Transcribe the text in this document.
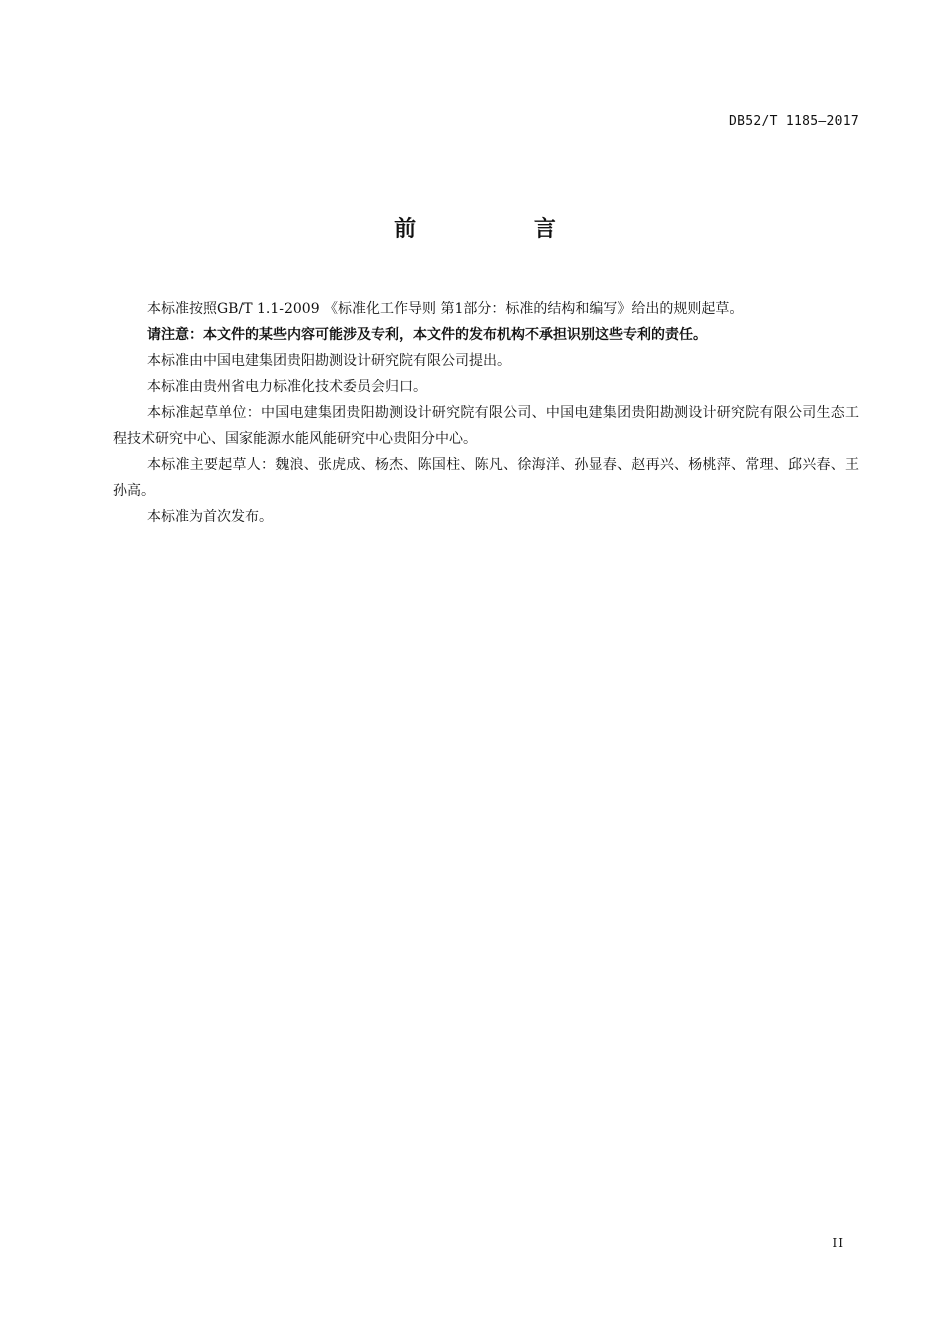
DB52/T 1185—2017
前 言

本标准按照GB/T 1.1-2009 《标准化工作导则 第1部分：标准的结构和编写》给出的规则起草。

请注意：本文件的某些内容可能涉及专利，本文件的发布机构不承担识别这些专利的责任。

本标准由中国电建集团贵阳勘测设计研究院有限公司提出。

本标准由贵州省电力标准化技术委员会归口。

本标准起草单位：中国电建集团贵阳勘测设计研究院有限公司、中国电建集团贵阳勘测设计研究院有限公司生态工程技术研究中心、国家能源水能风能研究中心贵阳分中心。

本标准主要起草人：魏浪、张虎成、杨杰、陈国柱、陈凡、徐海洋、孙显春、赵再兴、杨桃萍、常理、邱兴春、王孙高。

本标准为首次发布。

II
